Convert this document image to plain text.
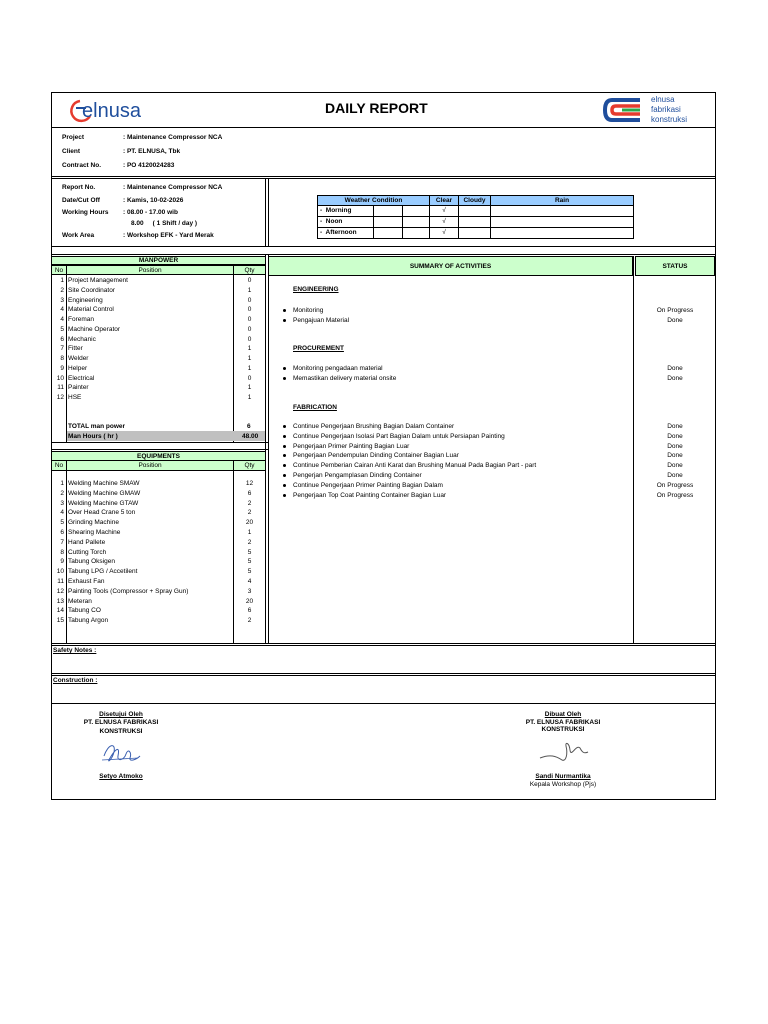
elnusa	DAILY REPORT
elnusa
fabrikasi
konstruksi
Project	: Maintenance Compressor NCA
Client	: PT. ELNUSA, Tbk
Contract No.	: PO 4120024283
Report No.	: Maintenance Compressor NCA
Date/Cut Off	: Kamis, 10-02-2026
Working Hours : 08.00 - 17.00 wib
8.00     ( 1 Shift / day )
Work Area	: Workshop EFK - Yard Merak
Weather Condition	Clear	Cloudy	Rain
-  Morning	√
-  Noon	√
-  Afternoon	√
MANPOWER
No	Position	Qty
1 Project Management	0
2 Site Coordinator	1
3 Engineering	0
4 Material Control	0
4 Foreman	0
5 Machine Operator	0
6 Mechanic	0
7 Fitter	1
8 Welder	1
9 Helper	1
10 Electrical	0
11 Painter	1
12 HSE	1
TOTAL man power	6
Man Hours ( hr )	48.00
EQUIPMENTS
No	Position	Qty
1 Welding Machine SMAW	12
2 Welding Machine GMAW	6
3 Welding Machine GTAW	2
4 Over Head Crane 5 ton	2
5 Grinding Machine	20
6 Shearing Machine	1
7 Hand Pallete	2
8 Cutting Torch	5
9 Tabung Oksigen	5
10 Tabung LPG / Accetilent	5
11 Exhaust Fan	4
12 Painting Tools (Compressor + Spray Gun)	3
13 Meteran	20
14 Tabung CO	6
15 Tabung Argon	2
SUMMARY OF ACTIVITIES	STATUS
ENGINEERING
Monitoring	On Progress
Pengajuan Material	Done
PROCUREMENT
Monitoring pengadaan material	Done
Memastikan delivery material onsite	Done
FABRICATION
Continue Pengerjaan Brushing Bagian Dalam Container	Done
Continue Pengerjaan Isolasi Part Bagian Dalam untuk Persiapan Painting	Done
Pengerjaan Primer Painting Bagian Luar	Done
Pengerjaan Pendempulan Dinding Container Bagian Luar	Done
Continue Pemberian Cairan Anti Karat dan Brushing Manual Pada Bagian Part - part	Done
Pengerjan Pengamplasan Dinding Container	Done
Continue Pengerjaan Primer Painting Bagian Dalam	On Progress
Pengerjaan Top Coat Painting Container Bagian Luar	On Progress
Safety Notes :
Construction :
Disetujui Oleh
PT. ELNUSA FABRIKASI
KONSTRUKSI
Setyo Atmoko
Dibuat Oleh
PT. ELNUSA FABRIKASI
KONSTRUKSI
Sandi Nurmantika
Kepala Workshop (Pjs)
